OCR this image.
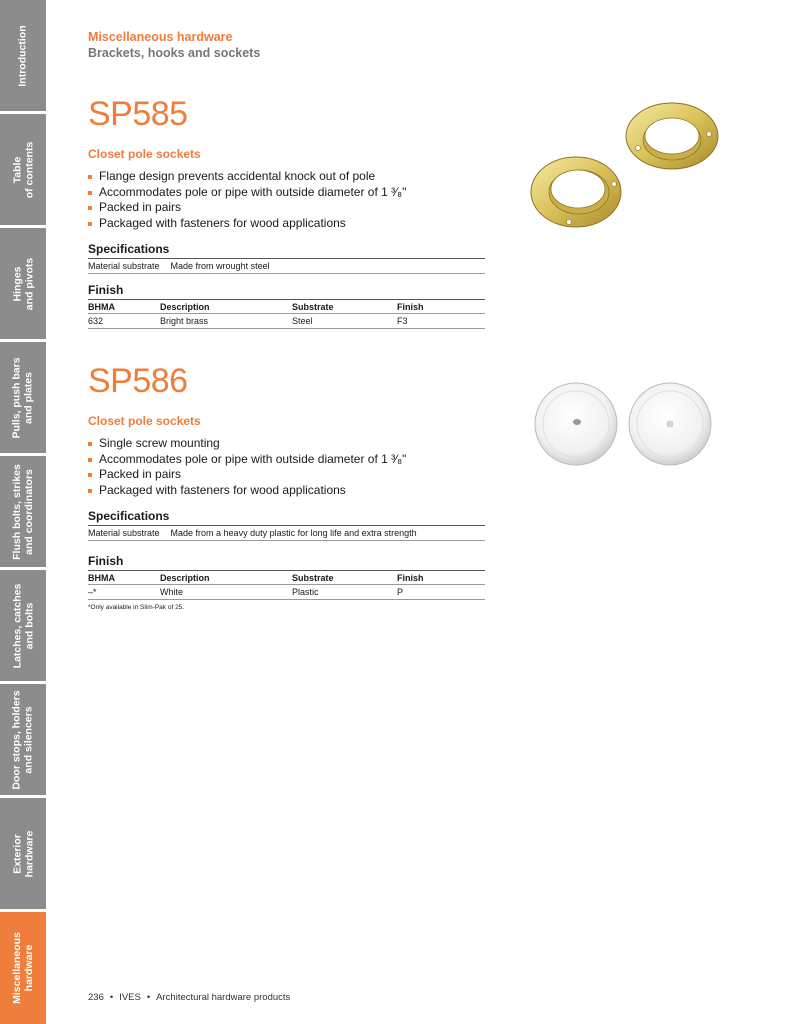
Introduction
Table
of contents
Hinges
and pivots
Pulls, push bars
and plates
Flush bolts, strikes
and coordinators
Latches, catches
and bolts
Door stops, holders
and silencers
Exterior
hardware
Miscellaneous
hardware
Miscellaneous hardware
Brackets, hooks and sockets
SP585
Closet pole sockets
Flange design prevents accidental knock out of pole
Accommodates pole or pipe with outside diameter of 1 ³⁄₈"
Packed in pairs
Packaged with fasteners for wood applications
Specifications
Material substrate Made from wrought steel
Finish
BHMA	Description	Substrate	Finish
632	Bright brass	Steel	F3
SP586
Closet pole sockets
Single screw mounting
Accommodates pole or pipe with outside diameter of 1 ³⁄₈"
Packed in pairs
Packaged with fasteners for wood applications
Specifications
Material substrate Made from a heavy duty plastic for long life and extra strength
Finish
BHMA	Description	Substrate	Finish
–*	White	Plastic	P
*Only available in Slim-Pak of 25.
236 • IVES • Architectural hardware products
